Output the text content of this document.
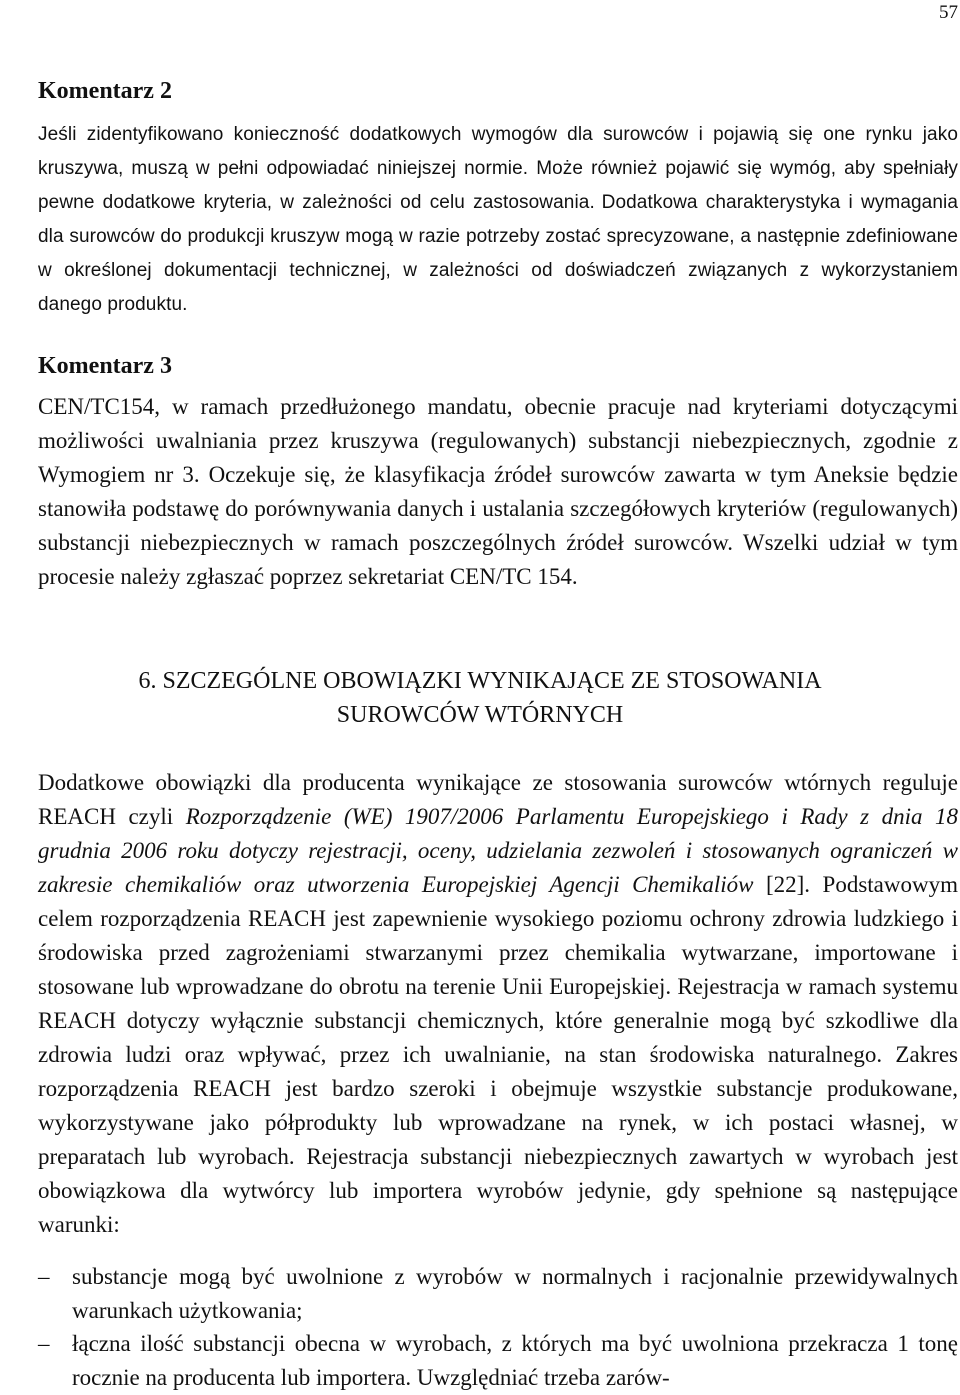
57
Komentarz 2
Jeśli zidentyfikowano konieczność dodatkowych wymogów dla surowców i pojawią się one rynku jako kruszywa, muszą w pełni odpowiadać niniejszej normie. Może również pojawić się wymóg, aby spełniały pewne dodatkowe kryteria, w zależności od celu zastosowania. Dodatkowa charakterystyka i wymagania dla surowców do produkcji kruszyw mogą w razie potrzeby zostać sprecyzowane, a następnie zdefiniowane w określonej dokumentacji technicznej, w zależności od doświadczeń związanych z wykorzystaniem danego produktu.
Komentarz 3
CEN/TC154, w ramach przedłużonego mandatu, obecnie pracuje nad kryteriami dotyczącymi możliwości uwalniania przez kruszywa (regulowanych) substancji niebezpiecznych, zgodnie z Wymogiem nr 3. Oczekuje się, że klasyfikacja źródeł surowców zawarta w tym Aneksie będzie stanowiła podstawę do porównywania danych i ustalania szczegółowych kryteriów (regulowanych) substancji niebezpiecznych w ramach poszczególnych źródeł surowców. Wszelki udział w tym procesie należy zgłaszać poprzez sekretariat CEN/TC 154.
6. SZCZEGÓLNE OBOWIĄZKI WYNIKAJĄCE ZE STOSOWANIA
SUROWCÓW WTÓRNYCH
Dodatkowe obowiązki dla producenta wynikające ze stosowania surowców wtórnych reguluje REACH czyli Rozporządzenie (WE) 1907/2006 Parlamentu Europejskiego i Rady z dnia 18 grudnia 2006 roku dotyczy rejestracji, oceny, udzielania zezwoleń i stosowanych ograniczeń w zakresie chemikaliów oraz utworzenia Europejskiej Agencji Chemikaliów [22]. Podstawowym celem rozporządzenia REACH jest zapewnienie wysokiego poziomu ochrony zdrowia ludzkiego i środowiska przed zagrożeniami stwarzanymi przez chemikalia wytwarzane, importowane i stosowane lub wprowadzane do obrotu na terenie Unii Europejskiej. Rejestracja w ramach systemu REACH dotyczy wyłącznie substancji chemicznych, które generalnie mogą być szkodliwe dla zdrowia ludzi oraz wpływać, przez ich uwalnianie, na stan środowiska naturalnego. Zakres rozporządzenia REACH jest bardzo szeroki i obejmuje wszystkie substancje produkowane, wykorzystywane jako półprodukty lub wprowadzane na rynek, w ich postaci własnej, w preparatach lub wyrobach. Rejestracja substancji niebezpiecznych zawartych w wyrobach jest obowiązkowa dla wytwórcy lub importera wyrobów jedynie, gdy spełnione są następujące warunki:
– substancje mogą być uwolnione z wyrobów w normalnych i racjonalnie przewidywalnych warunkach użytkowania;
– łączna ilość substancji obecna w wyrobach, z których ma być uwolniona przekracza 1 tonę rocznie na producenta lub importera. Uwzględniać trzeba zarów-
